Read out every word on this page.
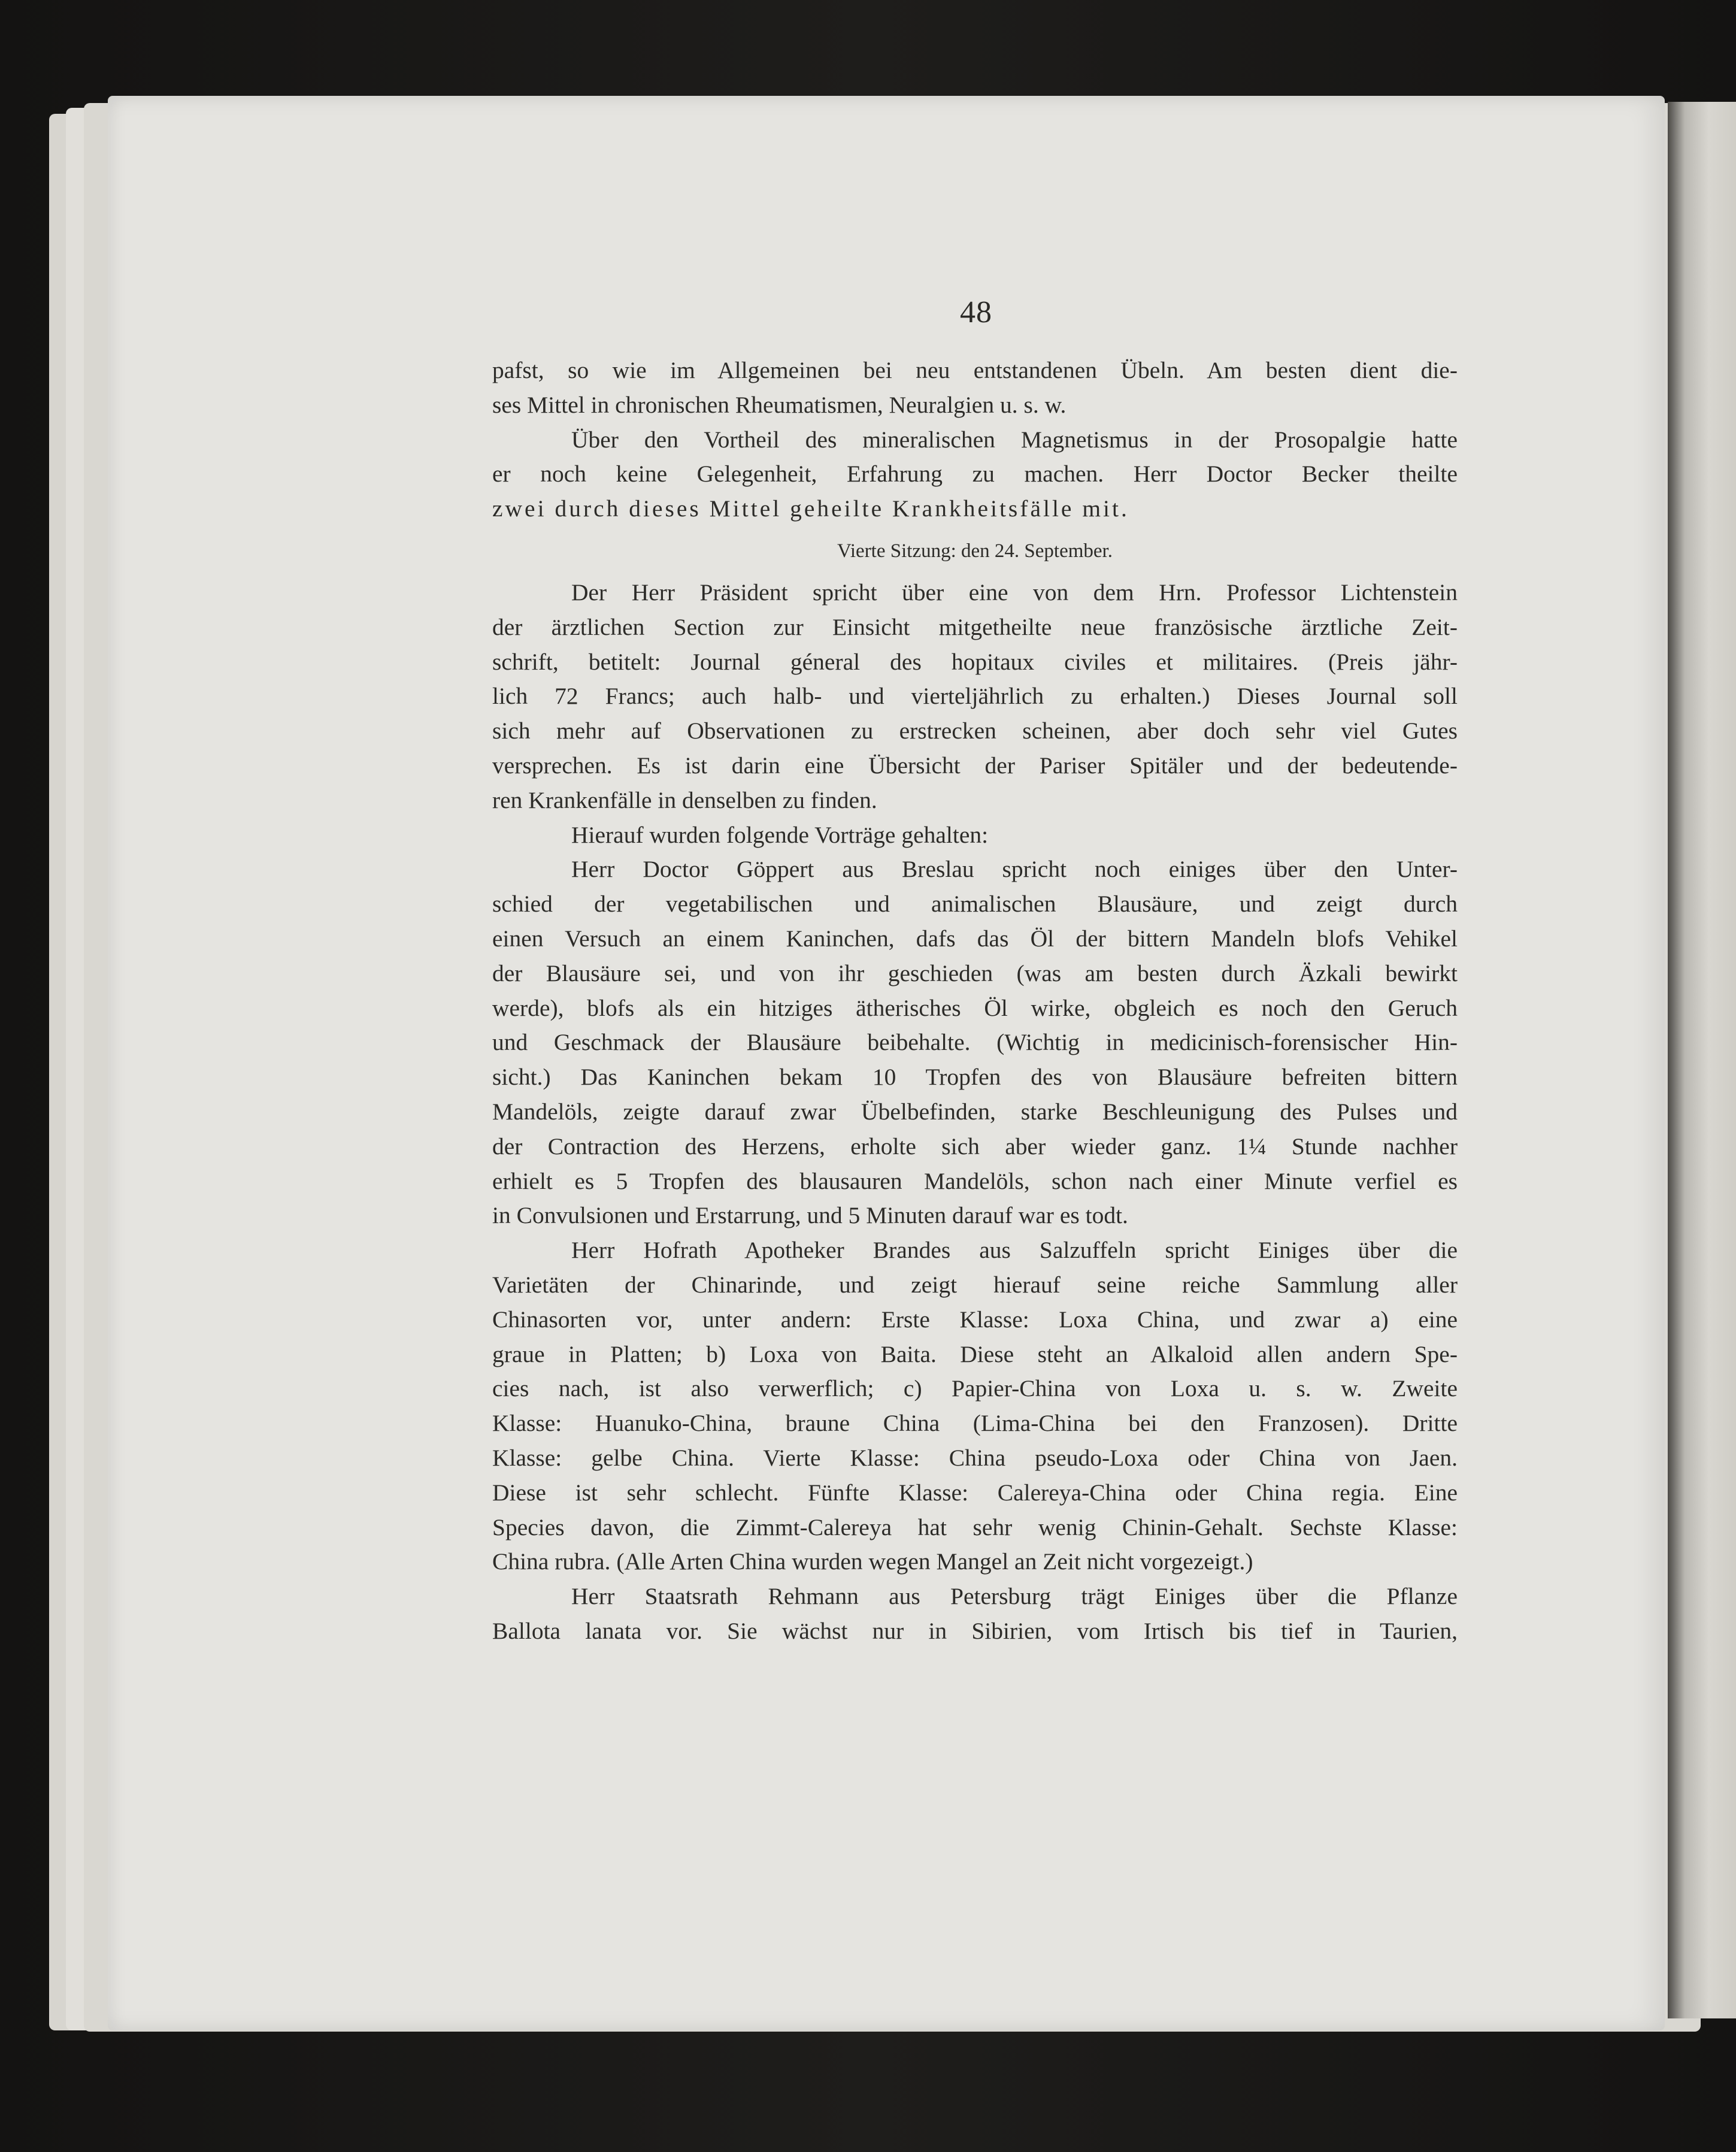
48
pafst, so wie im Allgemeinen bei neu entstandenen Übeln. Am besten dient die-
ses Mittel in chronischen Rheumatismen, Neuralgien u. s. w.
Über den Vortheil des mineralischen Magnetismus in der Prosopalgie hatte
er noch keine Gelegenheit, Erfahrung zu machen. Herr Doctor Becker theilte
zwei durch dieses Mittel geheilte Krankheitsfälle mit.
Vierte Sitzung: den 24. September.
Der Herr Präsident spricht über eine von dem Hrn. Professor Lichtenstein
der ärztlichen Section zur Einsicht mitgetheilte neue französische ärztliche Zeit-
schrift, betitelt: Journal géneral des hopitaux civiles et militaires. (Preis jähr-
lich 72 Francs; auch halb- und vierteljährlich zu erhalten.) Dieses Journal soll
sich mehr auf Observationen zu erstrecken scheinen, aber doch sehr viel Gutes
versprechen. Es ist darin eine Übersicht der Pariser Spitäler und der bedeutende-
ren Krankenfälle in denselben zu finden.
Hierauf wurden folgende Vorträge gehalten:
Herr Doctor Göppert aus Breslau spricht noch einiges über den Unter-
schied der vegetabilischen und animalischen Blausäure, und zeigt durch
einen Versuch an einem Kaninchen, dafs das Öl der bittern Mandeln blofs Vehikel
der Blausäure sei, und von ihr geschieden (was am besten durch Äzkali bewirkt
werde), blofs als ein hitziges ätherisches Öl wirke, obgleich es noch den Geruch
und Geschmack der Blausäure beibehalte. (Wichtig in medicinisch-forensischer Hin-
sicht.) Das Kaninchen bekam 10 Tropfen des von Blausäure befreiten bittern
Mandelöls, zeigte darauf zwar Übelbefinden, starke Beschleunigung des Pulses und
der Contraction des Herzens, erholte sich aber wieder ganz. 1¼ Stunde nachher
erhielt es 5 Tropfen des blausauren Mandelöls, schon nach einer Minute verfiel es
in Convulsionen und Erstarrung, und 5 Minuten darauf war es todt.
Herr Hofrath Apotheker Brandes aus Salzuffeln spricht Einiges über die
Varietäten der Chinarinde, und zeigt hierauf seine reiche Sammlung aller
Chinasorten vor, unter andern: Erste Klasse: Loxa China, und zwar a) eine
graue in Platten; b) Loxa von Baita. Diese steht an Alkaloid allen andern Spe-
cies nach, ist also verwerflich; c) Papier-China von Loxa u. s. w. Zweite
Klasse: Huanuko-China, braune China (Lima-China bei den Franzosen). Dritte
Klasse: gelbe China. Vierte Klasse: China pseudo-Loxa oder China von Jaen.
Diese ist sehr schlecht. Fünfte Klasse: Calereya-China oder China regia. Eine
Species davon, die Zimmt-Calereya hat sehr wenig Chinin-Gehalt. Sechste Klasse:
China rubra. (Alle Arten China wurden wegen Mangel an Zeit nicht vorgezeigt.)
Herr Staatsrath Rehmann aus Petersburg trägt Einiges über die Pflanze
Ballota lanata vor. Sie wächst nur in Sibirien, vom Irtisch bis tief in Taurien,
